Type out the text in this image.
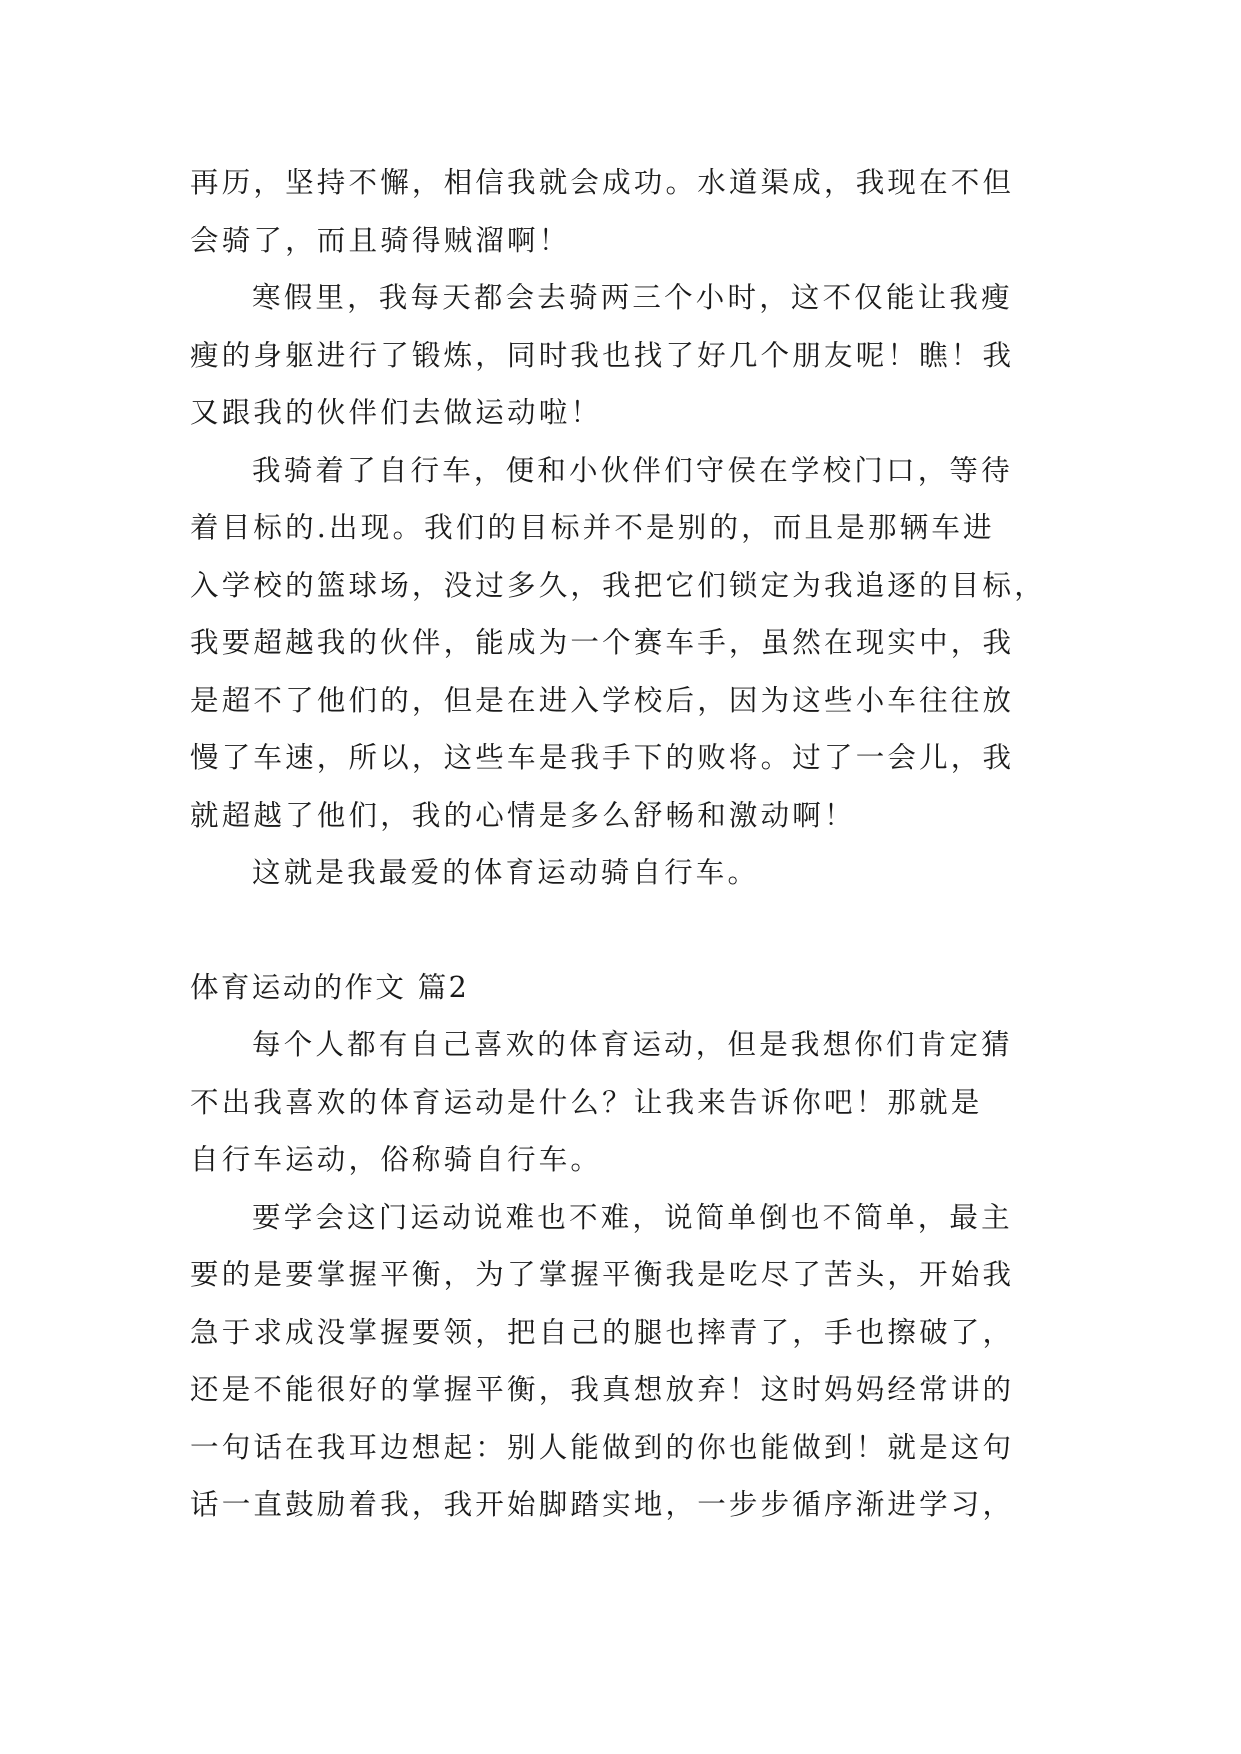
再历，坚持不懈，相信我就会成功。水道渠成，我现在不但
会骑了，而且骑得贼溜啊！
寒假里，我每天都会去骑两三个小时，这不仅能让我瘦
瘦的身躯进行了锻炼，同时我也找了好几个朋友呢！瞧！我
又跟我的伙伴们去做运动啦！
我骑着了自行车，便和小伙伴们守侯在学校门口，等待
着目标的.出现。我们的目标并不是别的，而且是那辆车进
入学校的篮球场，没过多久，我把它们锁定为我追逐的目标，
我要超越我的伙伴，能成为一个赛车手，虽然在现实中，我
是超不了他们的，但是在进入学校后，因为这些小车往往放
慢了车速，所以，这些车是我手下的败将。过了一会儿，我
就超越了他们，我的心情是多么舒畅和激动啊！
这就是我最爱的体育运动骑自行车。
体育运动的作文 篇2
每个人都有自己喜欢的体育运动，但是我想你们肯定猜
不出我喜欢的体育运动是什么？让我来告诉你吧！那就是
自行车运动，俗称骑自行车。
要学会这门运动说难也不难，说简单倒也不简单，最主
要的是要掌握平衡，为了掌握平衡我是吃尽了苦头，开始我
急于求成没掌握要领，把自己的腿也摔青了，手也擦破了，
还是不能很好的掌握平衡，我真想放弃！这时妈妈经常讲的
一句话在我耳边想起：别人能做到的你也能做到！就是这句
话一直鼓励着我，我开始脚踏实地，一步步循序渐进学习，
